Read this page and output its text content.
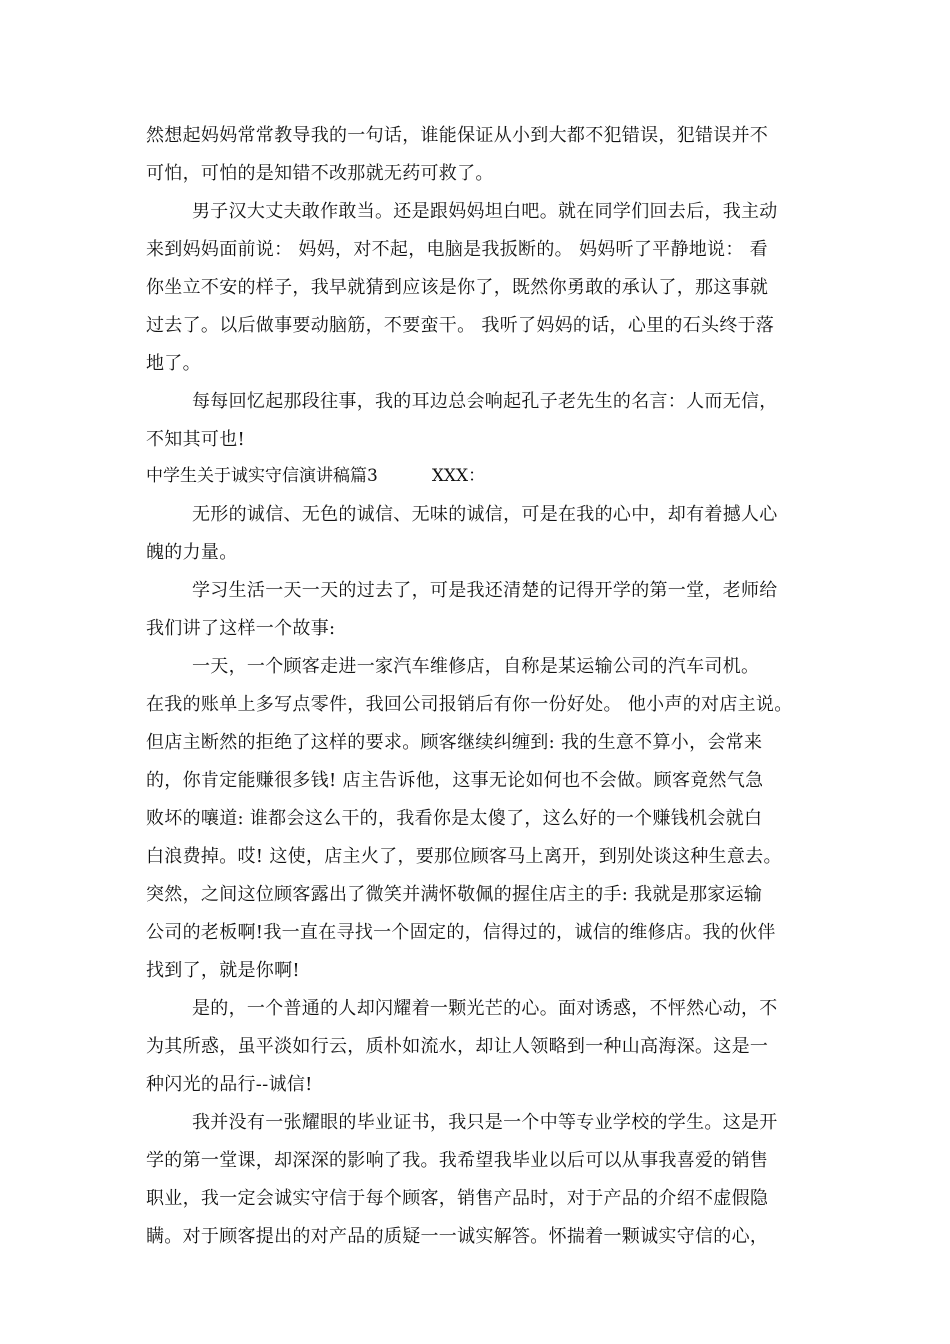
然想起妈妈常常教导我的一句话，谁能保证从小到大都不犯错误，犯错误并不
可怕，可怕的是知错不改那就无药可救了。
男子汉大丈夫敢作敢当。还是跟妈妈坦白吧。就在同学们回去后，我主动
来到妈妈面前说： 妈妈，对不起，电脑是我扳断的。 妈妈听了平静地说： 看
你坐立不安的样子，我早就猜到应该是你了，既然你勇敢的承认了，那这事就
过去了。以后做事要动脑筋，不要蛮干。 我听了妈妈的话，心里的石头终于落
地了。
每每回忆起那段往事，我的耳边总会响起孔子老先生的名言：人而无信，
不知其可也!
中学生关于诚实守信演讲稿篇3	XXX：
无形的诚信、无色的诚信、无味的诚信，可是在我的心中，却有着撼人心
魄的力量。
学习生活一天一天的过去了，可是我还清楚的记得开学的第一堂，老师给
我们讲了这样一个故事:
一天，一个顾客走进一家汽车维修店，自称是某运输公司的汽车司机。
在我的账单上多写点零件，我回公司报销后有你一份好处。 他小声的对店主说。
但店主断然的拒绝了这样的要求。顾客继续纠缠到: 我的生意不算小，会常来
的，你肯定能赚很多钱! 店主告诉他，这事无论如何也不会做。顾客竟然气急
败坏的嚷道: 谁都会这么干的，我看你是太傻了，这么好的一个赚钱机会就白
白浪费掉。哎! 这使，店主火了，要那位顾客马上离开，到别处谈这种生意去。
突然，之间这位顾客露出了微笑并满怀敬佩的握住店主的手: 我就是那家运输
公司的老板啊!我一直在寻找一个固定的，信得过的，诚信的维修店。我的伙伴
找到了，就是你啊!
是的，一个普通的人却闪耀着一颗光芒的心。面对诱惑，不怦然心动，不
为其所惑，虽平淡如行云，质朴如流水，却让人领略到一种山高海深。这是一
种闪光的品行--诚信!
我并没有一张耀眼的毕业证书，我只是一个中等专业学校的学生。这是开
学的第一堂课，却深深的影响了我。我希望我毕业以后可以从事我喜爱的销售
职业，我一定会诚实守信于每个顾客，销售产品时，对于产品的介绍不虚假隐
瞒。对于顾客提出的对产品的质疑一一诚实解答。怀揣着一颗诚实守信的心，
